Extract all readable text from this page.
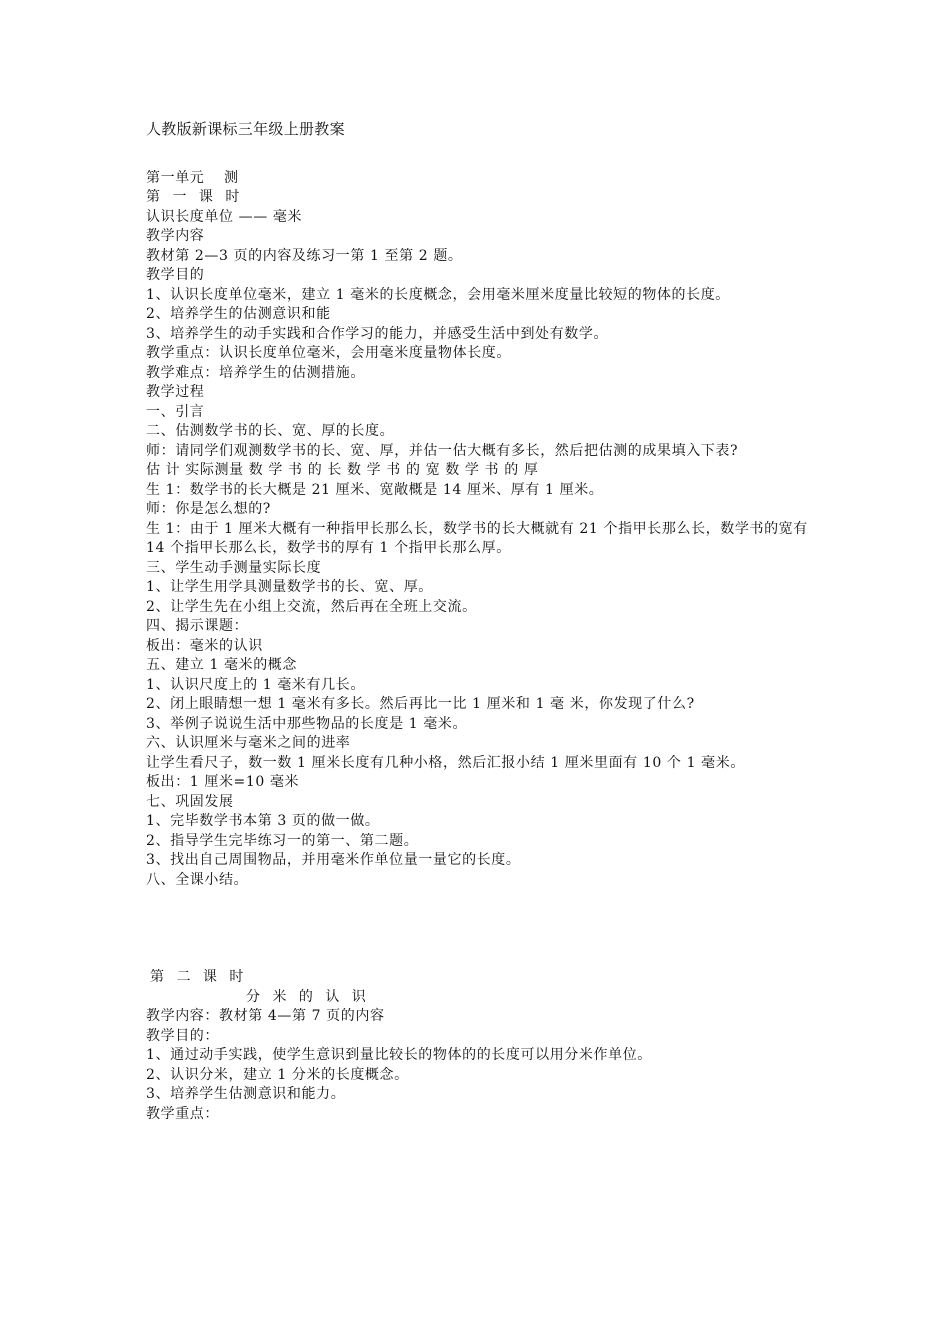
人教版新课标三年级上册教案
第一单元　 测
第 一 课 时
认识长度单位 —— 毫米
教学内容
教材第 2—3 页的内容及练习一第 1 至第 2 题。
教学目的
1、认识长度单位毫米，建立 1 毫米的长度概念，会用毫米厘米度量比较短的物体的长度。
2、培养学生的估测意识和能
3、培养学生的动手实践和合作学习的能力，并感受生活中到处有数学。
教学重点：认识长度单位毫米，会用毫米度量物体长度。
教学难点：培养学生的估测措施。
教学过程
一、引言
二、估测数学书的长、宽、厚的长度。
师：请同学们观测数学书的长、宽、厚，并估一估大概有多长，然后把估测的成果填入下表?
估 计 实际测量 数 学 书 的 长 数 学 书 的 宽 数 学 书 的 厚
生 1：数学书的长大概是 21 厘米、宽敞概是 14 厘米、厚有 1 厘米。
师：你是怎么想的?
生 1：由于 1 厘米大概有一种指甲长那么长，数学书的长大概就有 21 个指甲长那么长，数学书的宽有 14 个指甲长那么长，数学书的厚有 1 个指甲长那么厚。
三、学生动手测量实际长度
1、让学生用学具测量数学书的长、宽、厚。
2、让学生先在小组上交流，然后再在全班上交流。
四、揭示课题：
板出：毫米的认识
五、建立 1 毫米的概念
1、认识尺度上的 1 毫米有几长。
2、闭上眼睛想一想 1 毫米有多长。然后再比一比 1 厘米和 1 毫 米，你发现了什么?
3、举例子说说生活中那些物品的长度是 1 毫米。
六、认识厘米与毫米之间的进率
让学生看尺子，数一数 1 厘米长度有几种小格，然后汇报小结 1 厘米里面有 10 个 1 毫米。
板出：1 厘米=10 毫米
七、巩固发展
1、完毕数学书本第 3 页的做一做。
2、指导学生完毕练习一的第一、第二题。
3、找出自己周围物品，并用毫米作单位量一量它的长度。
八、全课小结。
第 二 课 时
分 米 的 认 识
教学内容：教材第 4—第 7 页的内容
教学目的：
1、通过动手实践，使学生意识到量比较长的物体的的长度可以用分米作单位。
2、认识分米，建立 1 分米的长度概念。
3、培养学生估测意识和能力。
教学重点：
